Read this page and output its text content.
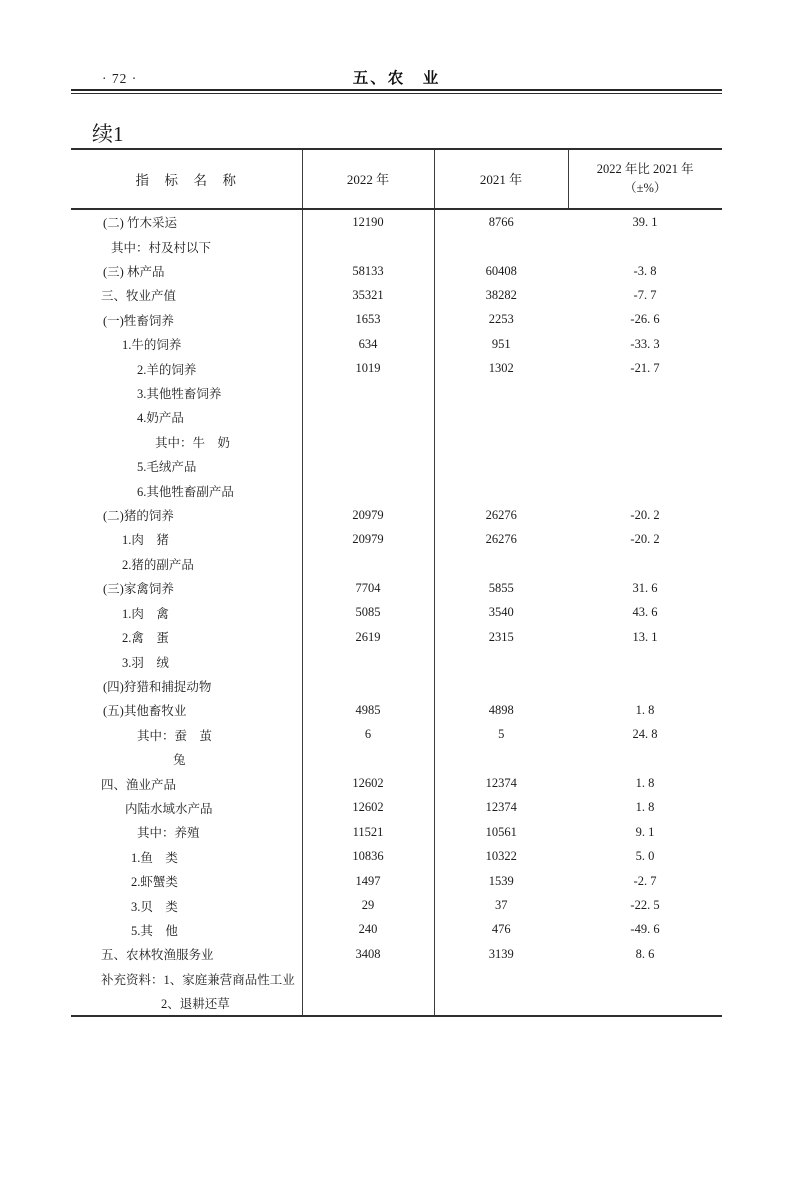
· 72 ·	五、农　业
续1
指　标　名　称	2022 年	2021 年	2022 年比 2021 年
（±%）

(二) 竹木采运	12190	8766	39. 1
其中：村及村以下			
(三) 林产品	58133	60408	-3. 8
三、牧业产值	35321	38282	-7. 7
(一)牲畜饲养	1653	2253	-26. 6
1.牛的饲养	634	951	-33. 3
2.羊的饲养	1019	1302	-21. 7
3.其他牲畜饲养			
4.奶产品			
其中：牛　奶			
5.毛绒产品			
6.其他牲畜副产品			
(二)猪的饲养	20979	26276	-20. 2
1.肉　猪	20979	26276	-20. 2
2.猪的副产品			
(三)家禽饲养	7704	5855	31. 6
1.肉　禽	5085	3540	43. 6
2.禽　蛋	2619	2315	13. 1
3.羽　绒			
(四)狩猎和捕捉动物			
(五)其他畜牧业	4985	4898	1. 8
其中：蚕　茧	6	5	24. 8
兔			
四、渔业产品	12602	12374	1. 8
内陆水域水产品	12602	12374	1. 8
其中：养殖	11521	10561	9. 1
1.鱼　类	10836	10322	5. 0
2.虾蟹类	1497	1539	-2. 7
3.贝　类	29	37	-22. 5
5.其　他	240	476	-49. 6
五、农林牧渔服务业	3408	3139	8. 6
补充资料：1、家庭兼营商品性工业			
2、退耕还草			
